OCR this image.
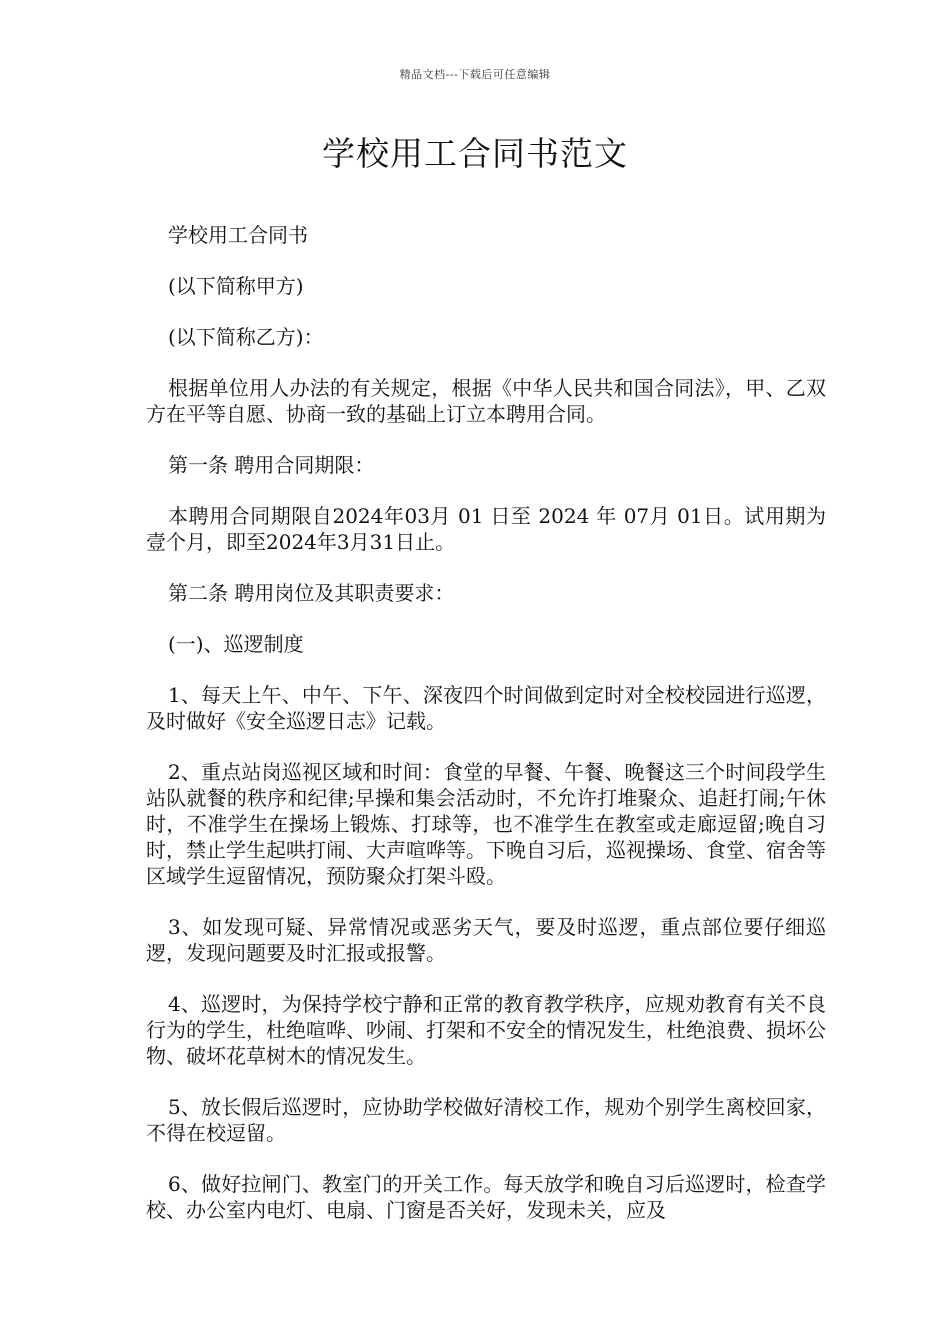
精品文档---下载后可任意编辑
学校用工合同书范文

学校用工合同书

(以下简称甲方)

(以下简称乙方)：

根据单位用人办法的有关规定，根据《中华人民共和国合同法》，甲、乙双方在平等自愿、协商一致的基础上订立本聘用合同。

第一条 聘用合同期限：

本聘用合同期限自2024年03月 01 日至 2024 年 07月 01日。试用期为壹个月，即至2024年3月31日止。

第二条 聘用岗位及其职责要求：

(一)、巡逻制度

1、每天上午、中午、下午、深夜四个时间做到定时对全校校园进行巡逻，及时做好《安全巡逻日志》记载。

2、重点站岗巡视区域和时间：食堂的早餐、午餐、晚餐这三个时间段学生站队就餐的秩序和纪律;早操和集会活动时，不允许打堆聚众、追赶打闹;午休时，不准学生在操场上锻炼、打球等，也不准学生在教室或走廊逗留;晚自习时，禁止学生起哄打闹、大声喧哗等。下晚自习后，巡视操场、食堂、宿舍等区域学生逗留情况，预防聚众打架斗殴。

3、如发现可疑、异常情况或恶劣天气，要及时巡逻，重点部位要仔细巡逻，发现问题要及时汇报或报警。

4、巡逻时，为保持学校宁静和正常的教育教学秩序，应规劝教育有关不良行为的学生，杜绝喧哗、吵闹、打架和不安全的情况发生，杜绝浪费、损坏公物、破坏花草树木的情况发生。

5、放长假后巡逻时，应协助学校做好清校工作，规劝个别学生离校回家，不得在校逗留。

6、做好拉闸门、教室门的开关工作。每天放学和晚自习后巡逻时，检查学校、办公室内电灯、电扇、门窗是否关好，发现未关，应及
